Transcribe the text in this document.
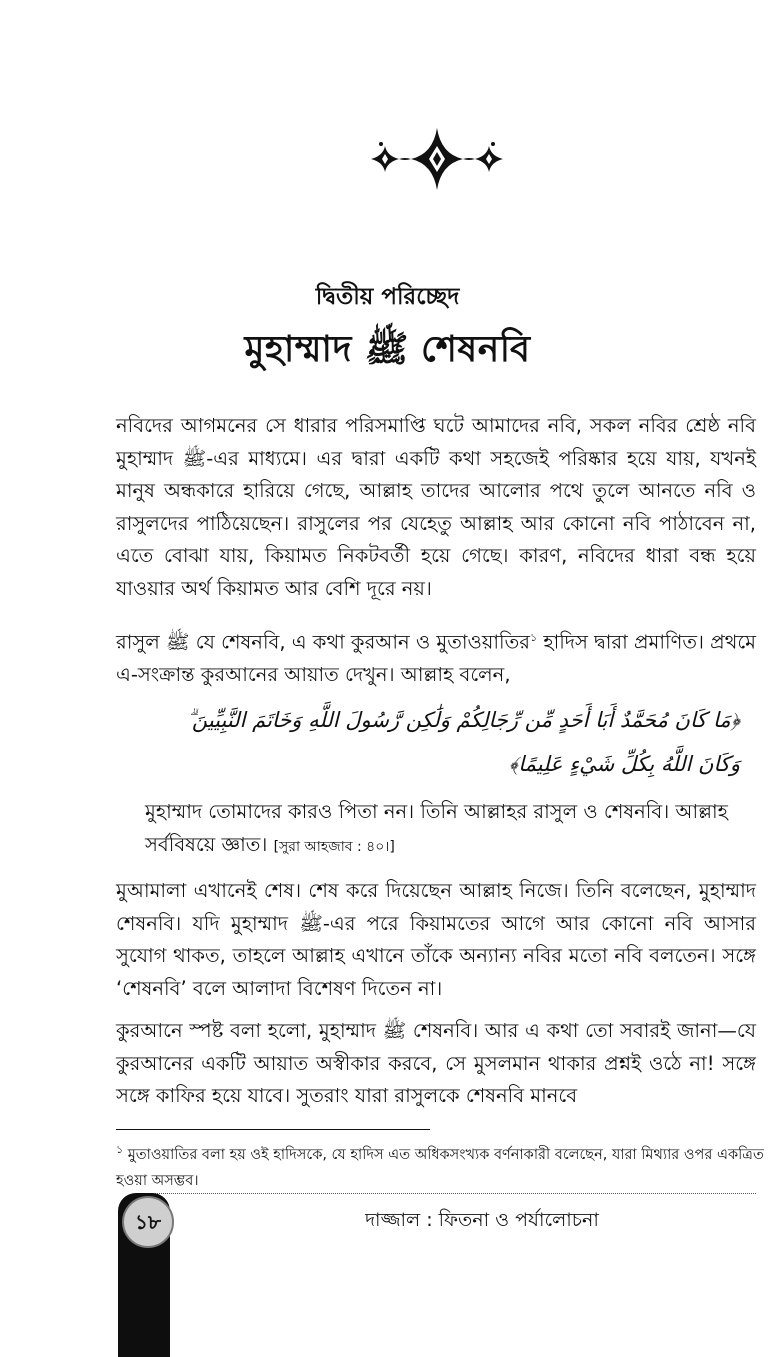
দ্বিতীয় পরিচ্ছেদ
মুহাম্মাদ ﷺ শেষনবি

নবিদের আগমনের সে ধারার পরিসমাপ্তি ঘটে আমাদের নবি, সকল নবির শ্রেষ্ঠ নবি মুহাম্মাদ ﷺ-এর মাধ্যমে। এর দ্বারা একটি কথা সহজেই পরিষ্কার হয়ে যায়, যখনই মানুষ অন্ধকারে হারিয়ে গেছে, আল্লাহ তাদের আলোর পথে তুলে আনতে নবি ও রাসুলদের পাঠিয়েছেন। রাসুলের পর যেহেতু আল্লাহ আর কোনো নবি পাঠাবেন না, এতে বোঝা যায়, কিয়ামত নিকটবর্তী হয়ে গেছে। কারণ, নবিদের ধারা বন্ধ হয়ে যাওয়ার অর্থ কিয়ামত আর বেশি দূরে নয়।

রাসুল ﷺ যে শেষনবি, এ কথা কুরআন ও মুতাওয়াতির$^১$ হাদিস দ্বারা প্রমাণিত। প্রথমে এ-সংক্রান্ত কুরআনের আয়াত দেখুন। আল্লাহ বলেন,

﴿مَا كَانَ مُحَمَّدٌ أَبَا أَحَدٍ مِّن رِّجَالِكُمْ وَلَٰكِن رَّسُولَ اللَّهِ وَخَاتَمَ النَّبِيِّينَ ۗ وَكَانَ اللَّهُ بِكُلِّ شَيْءٍ عَلِيمًا﴾

মুহাম্মাদ তোমাদের কারও পিতা নন। তিনি আল্লাহর রাসুল ও শেষনবি। আল্লাহ সর্ববিষয়ে জ্ঞাত। [সুরা আহজাব : ৪০।]

মুআমালা এখানেই শেষ। শেষ করে দিয়েছেন আল্লাহ নিজে। তিনি বলেছেন, মুহাম্মাদ শেষনবি। যদি মুহাম্মাদ ﷺ-এর পরে কিয়ামতের আগে আর কোনো নবি আসার সুযোগ থাকত, তাহলে আল্লাহ এখানে তাঁকে অন্যান্য নবির মতো নবি বলতেন। সঙ্গে ‘শেষনবি’ বলে আলাদা বিশেষণ দিতেন না।

কুরআনে স্পষ্ট বলা হলো, মুহাম্মাদ ﷺ শেষনবি। আর এ কথা তো সবারই জানা—যে কুরআনের একটি আয়াত অস্বীকার করবে, সে মুসলমান থাকার প্রশ্নই ওঠে না! সঙ্গে সঙ্গে কাফির হয়ে যাবে। সুতরাং যারা রাসুলকে শেষনবি মানবে

$^১$ মুতাওয়াতির বলা হয় ওই হাদিসকে, যে হাদিস এত অধিকসংখ্যক বর্ণনাকারী বলেছেন, যারা মিথ্যার ওপর একত্রিত হওয়া অসম্ভব।

১৮	দাজ্জাল : ফিতনা ও পর্যালোচনা
